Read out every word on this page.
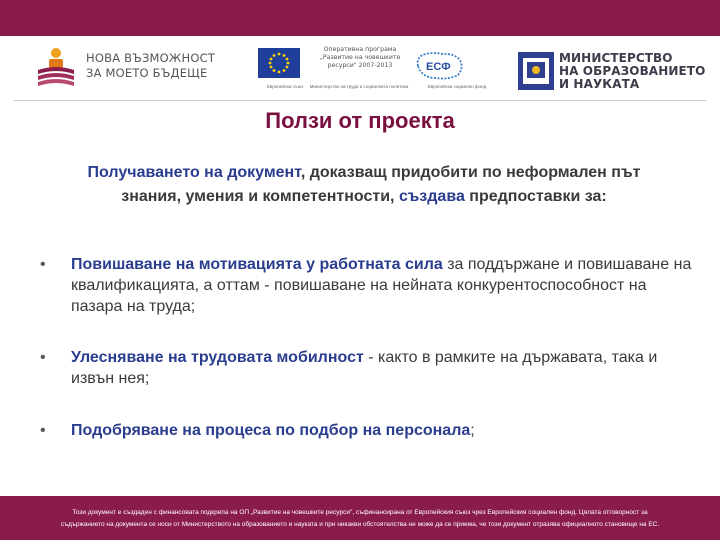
НОВА ВЪЗМОЖНОСТ
ЗА МОЕТО БЪДЕЩЕ
Европейски съюз
Оперативна програма
„Развитие на човешките
ресурси" 2007-2013
Министерство на труда и социалната политика
ЕСФ
Европейски социален фонд
МИНИСТЕРСТВО
НА ОБРАЗОВАНИЕТО
И НАУКАТА
Ползи от проекта
Получаването на документ, доказващ придобити по неформален път знания, умения и компетентности, създава предпоставки за:
• Повишаване на мотивацията у работната сила за поддържане и повишаване на квалификацията, а оттам - повишаване на нейната конкурентоспособност на пазара на труда;
• Улесняване на трудовата мобилност - както в рамките на държавата, така и извън нея;
• Подобряване на процеса по подбор на персонала;
Този документ е създаден с финансовата подкрепа на ОП „Развитие на човешките ресурси", съфинансирана от Европейския съюз чрез Европейския социален фонд. Цялата отговорност за
съдържанието на документа се носи от Министерството на образованието и науката и при никакви обстоятелства не може да се приема, че този документ отразява официалното становище на ЕС.
